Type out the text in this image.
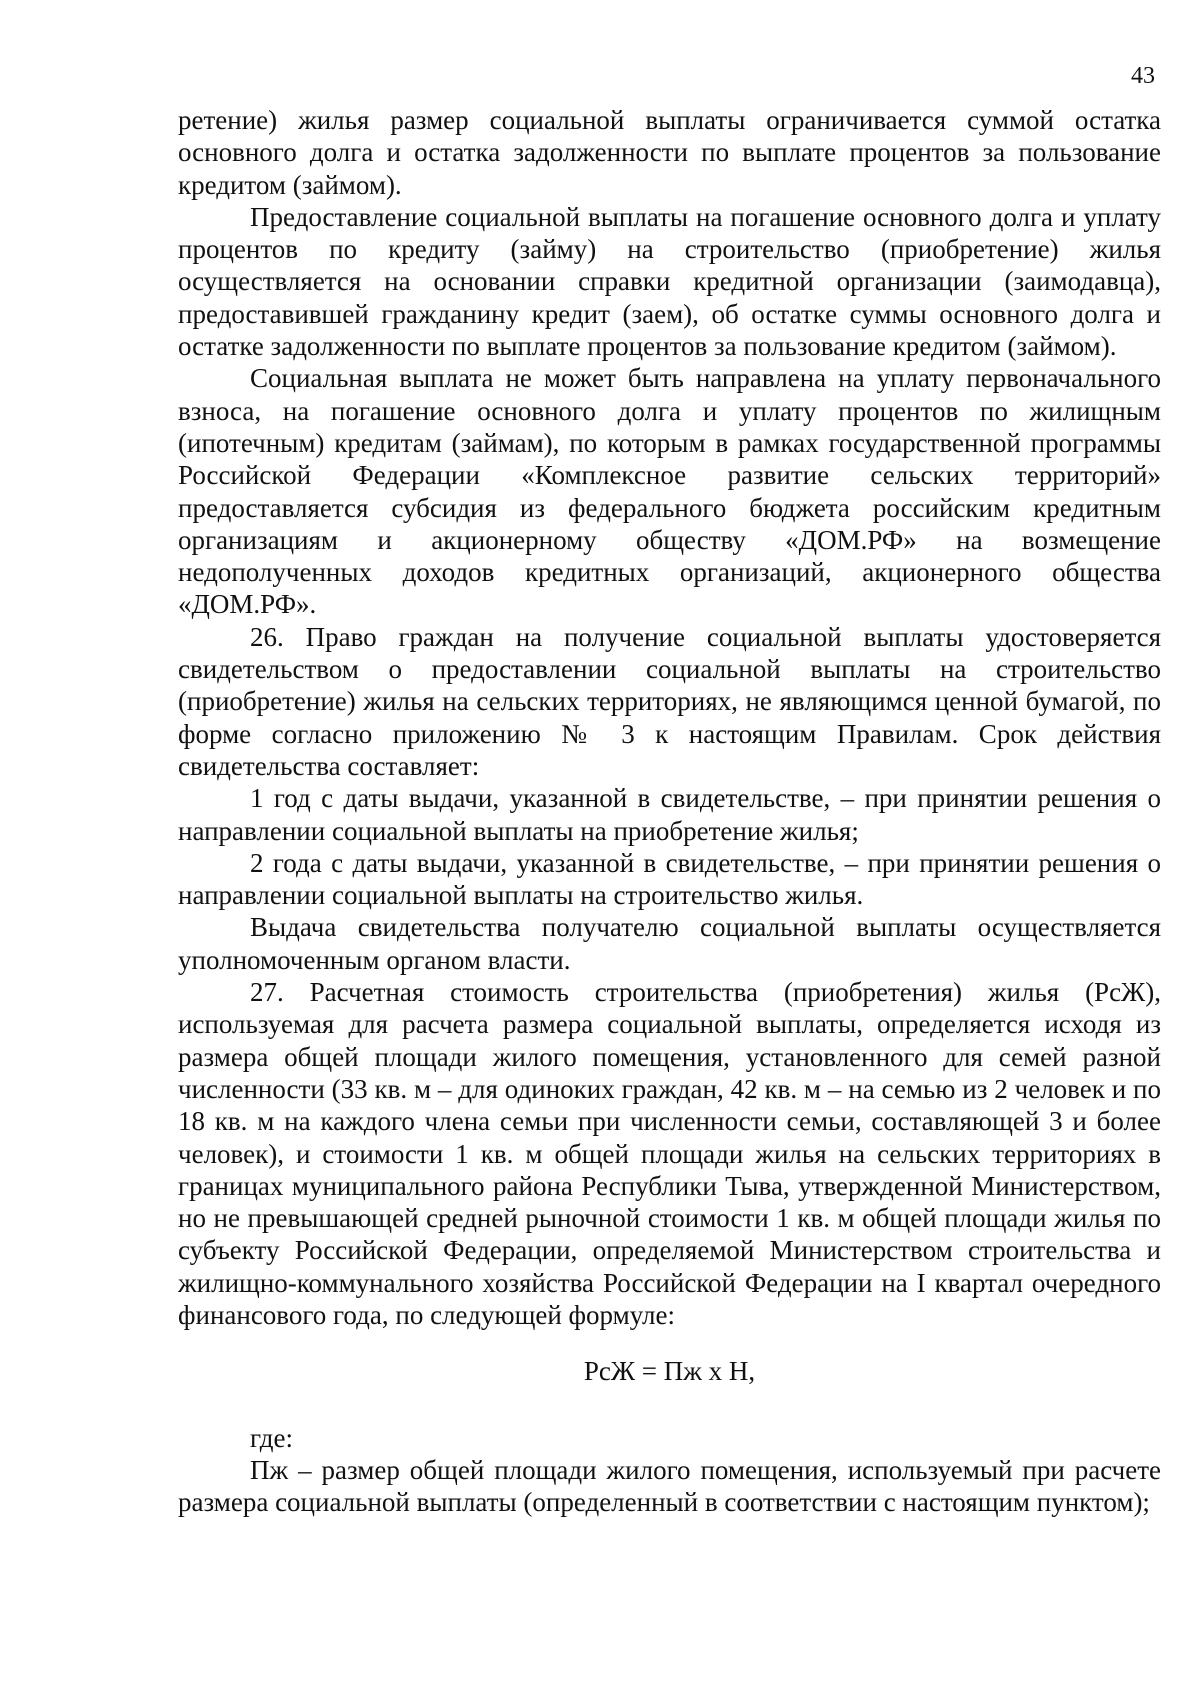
43

ретение) жилья размер социальной выплаты ограничивается суммой остатка основного долга и остатка задолженности по выплате процентов за пользование кредитом (займом).

Предоставление социальной выплаты на погашение основного долга и уплату процентов по кредиту (займу) на строительство (приобретение) жилья осуществляется на основании справки кредитной организации (заимодавца), предоставившей гражданину кредит (заем), об остатке суммы основного долга и остатке задолженности по выплате процентов за пользование кредитом (займом).

Социальная выплата не может быть направлена на уплату первоначального взноса, на погашение основного долга и уплату процентов по жилищным (ипотечным) кредитам (займам), по которым в рамках государственной программы Российской Федерации «Комплексное развитие сельских территорий» предоставляется субсидия из федерального бюджета российским кредитным организациям и акционерному обществу «ДОМ.РФ» на возмещение недополученных доходов кредитных организаций, акционерного общества «ДОМ.РФ».

26. Право граждан на получение социальной выплаты удостоверяется свидетельством о предоставлении социальной выплаты на строительство (приобретение) жилья на сельских территориях, не являющимся ценной бумагой, по форме согласно приложению № 3 к настоящим Правилам. Срок действия свидетельства составляет:

1 год с даты выдачи, указанной в свидетельстве, – при принятии решения о направлении социальной выплаты на приобретение жилья;

2 года с даты выдачи, указанной в свидетельстве, – при принятии решения о направлении социальной выплаты на строительство жилья.

Выдача свидетельства получателю социальной выплаты осуществляется уполномоченным органом власти.

27. Расчетная стоимость строительства (приобретения) жилья (РсЖ), используемая для расчета размера социальной выплаты, определяется исходя из размера общей площади жилого помещения, установленного для семей разной численности (33 кв. м – для одиноких граждан, 42 кв. м – на семью из 2 человек и по 18 кв. м на каждого члена семьи при численности семьи, составляющей 3 и более человек), и стоимости 1 кв. м общей площади жилья на сельских территориях в границах муниципального района Республики Тыва, утвержденной Министерством, но не превышающей средней рыночной стоимости 1 кв. м общей площади жилья по субъекту Российской Федерации, определяемой Министерством строительства и жилищно-коммунального хозяйства Российской Федерации на I квартал очередного финансового года, по следующей формуле:

РсЖ = Пж х Н,

где:

Пж – размер общей площади жилого помещения, используемый при расчете размера социальной выплаты (определенный в соответствии с настоящим пунктом);
